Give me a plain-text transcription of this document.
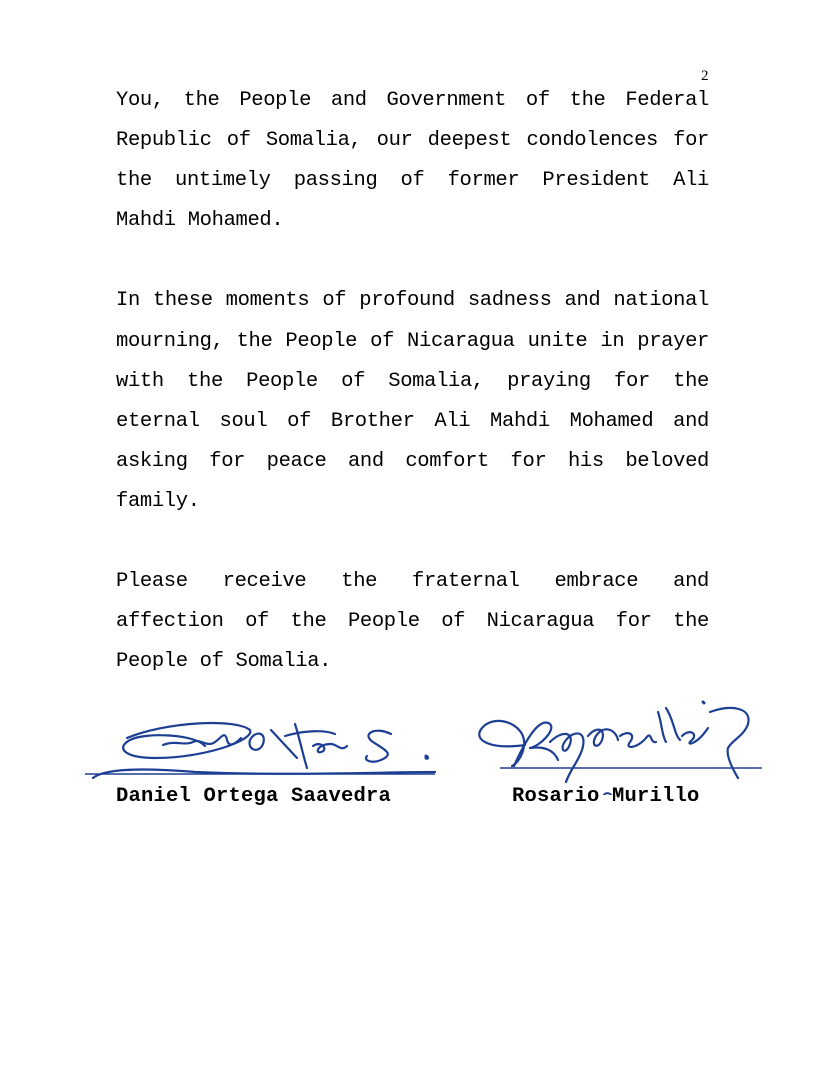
2

You, the People and Government of the Federal Republic of Somalia, our deepest condolences for the untimely passing of former President Ali Mahdi Mohamed.

In these moments of profound sadness and national mourning, the People of Nicaragua unite in prayer with the People of Somalia, praying for the eternal soul of Brother Ali Mahdi Mohamed and asking for peace and comfort for his beloved family.

Please receive the fraternal embrace and affection of the People of Nicaragua for the People of Somalia.

Daniel Ortega Saavedra	Rosario Murillo
